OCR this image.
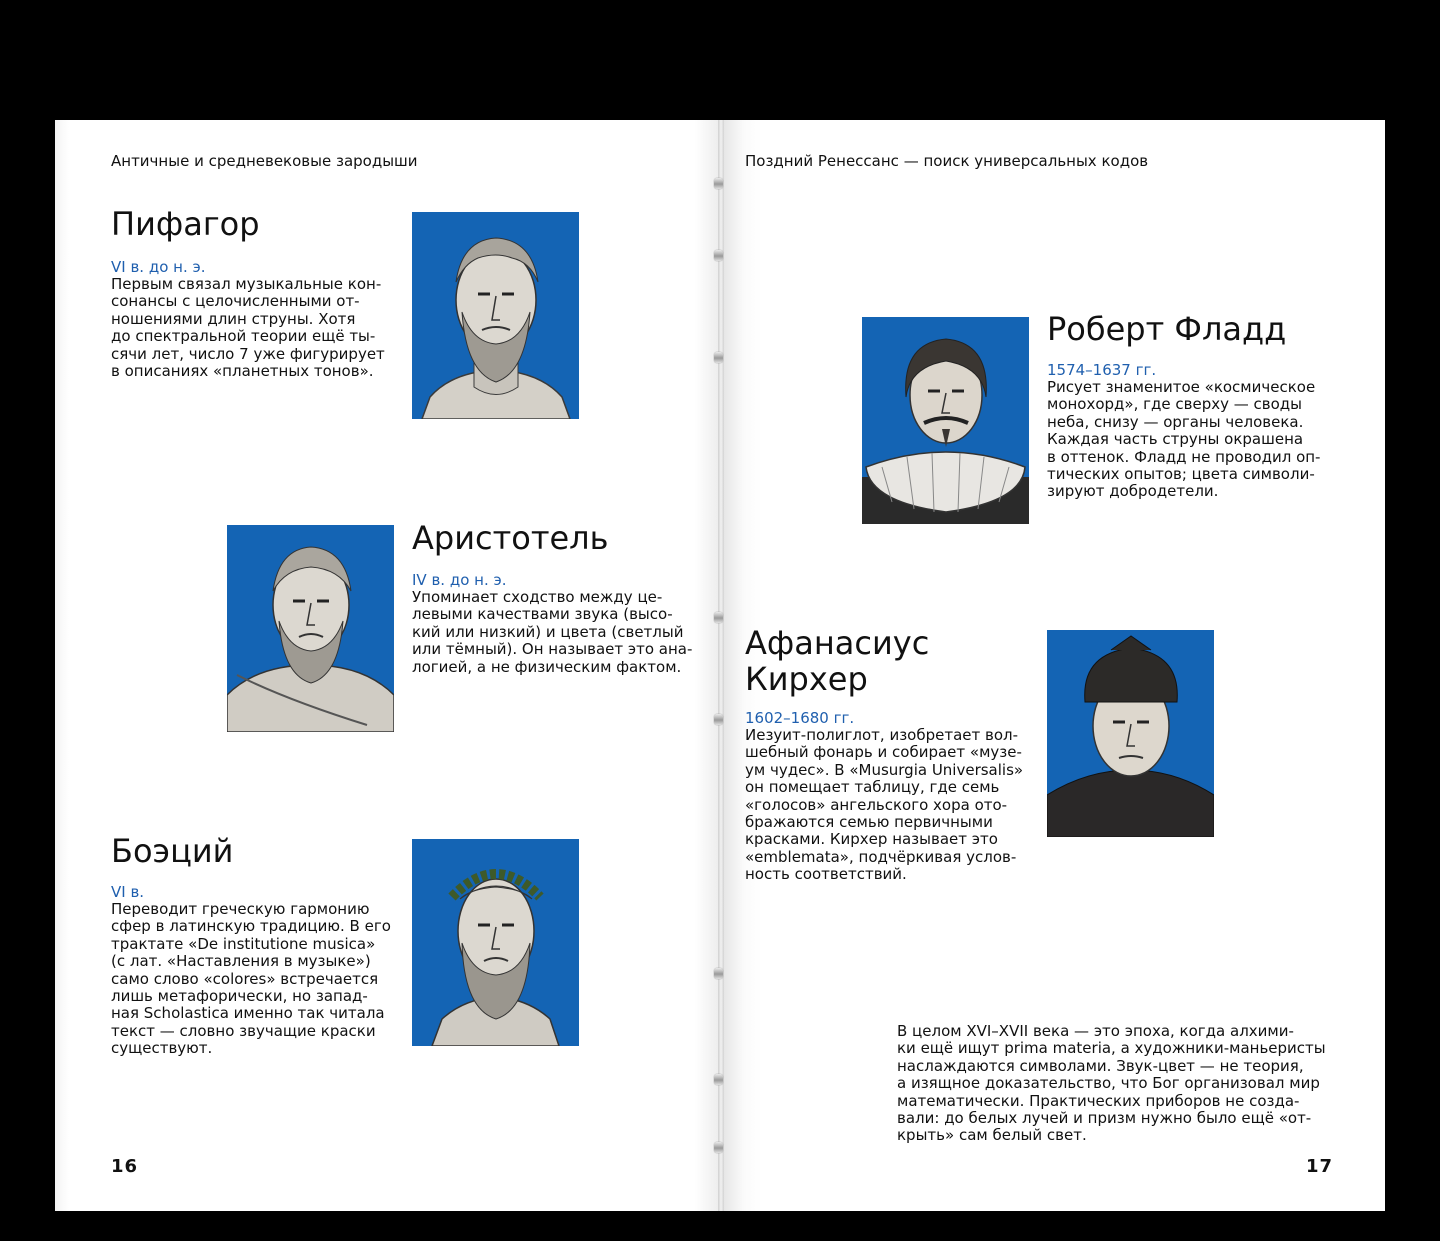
Античные и средневековые зародыши

Пифагор
VI в. до н. э.

Первым связал музыкальные кон-
сонансы с целочисленными от-
ношениями длин струны. Хотя
до спектральной теории ещё ты-
сячи лет, число 7 уже фигурирует
в описаниях «планетных тонов».

Аристотель
IV в. до н. э.

Упоминает сходство между це-
левыми качествами звука (высо-
кий или низкий) и цвета (светлый
или тёмный). Он называет это ана-
логией, а не физическим фактом.

Боэций
VI в.

Переводит греческую гармонию
сфер в латинскую традицию. В его
трактате «De institutione musica»
(с лат. «Наставления в музыке»)
само слово «colores» встречается
лишь метафорически, но запад-
ная Scholastica именно так читала
текст — словно звучащие краски
существуют.

16

Поздний Ренессанс — поиск универсальных кодов

Роберт Фладд
1574–1637 гг.

Рисует знаменитое «космическое
монохорд», где сверху — своды
неба, снизу — органы человека.
Каждая часть струны окрашена
в оттенок. Фладд не проводил оп-
тических опытов; цвета символи-
зируют добродетели.

Афанасиус
Кирхер
1602–1680 гг.

Иезуит-полиглот, изобретает вол-
шебный фонарь и собирает «музе-
ум чудес». В «Musurgia Universalis»
он помещает таблицу, где семь
«голосов» ангельского хора ото-
бражаются семью первичными
красками. Кирхер называет это
«emblemata», подчёркивая услов-
ность соответствий.

В целом XVI–XVII века — это эпоха, когда алхими-
ки ещё ищут prima materia, а художники-маньеристы
наслаждаются символами. Звук-цвет — не теория,
а изящное доказательство, что Бог организовал мир
математически. Практических приборов не созда-
вали: до белых лучей и призм нужно было ещё «от-
крыть» сам белый свет.

17
